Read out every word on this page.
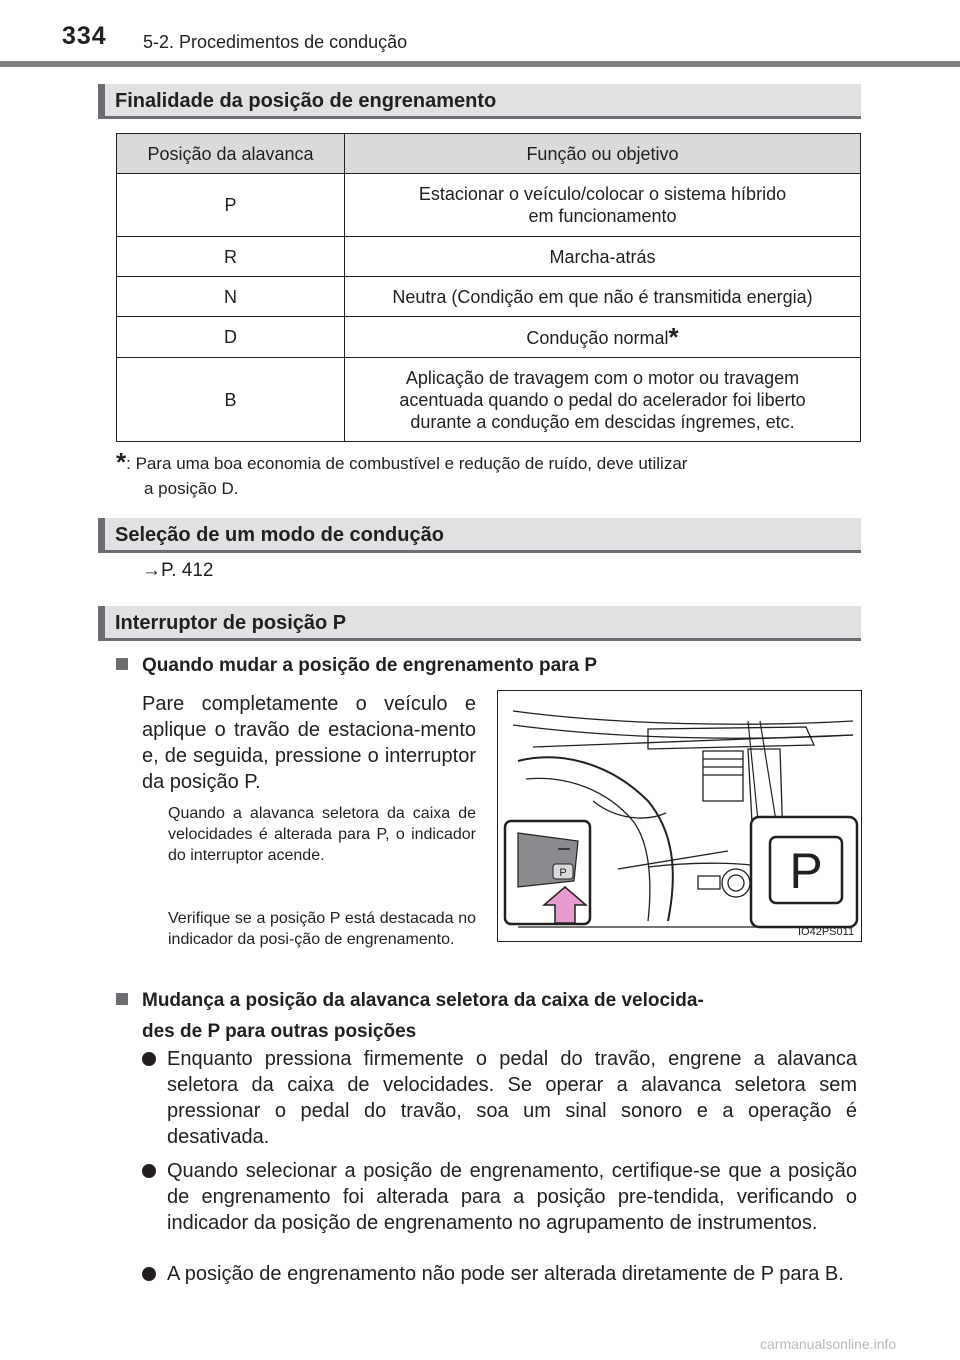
334 5-2. Procedimentos de condução
Finalidade da posição de engrenamento
Posição da alavanca	Função ou objetivo
P	Estacionar o veículo/colocar o sistema híbrido
em funcionamento
R	Marcha-atrás
N	Neutra (Condição em que não é transmitida energia)
D	Condução normal*
B	Aplicação de travagem com o motor ou travagem
acentuada quando o pedal do acelerador foi liberto
durante a condução em descidas íngremes, etc.
*: Para uma boa economia de combustível e redução de ruído, deve utilizar
a posição D.
Seleção de um modo de condução
→P. 412
Interruptor de posição P
Quando mudar a posição de engrenamento para P
Pare completamente o veículo e aplique o travão de estaciona-mento e, de seguida, pressione o interruptor da posição P.
Quando a alavanca seletora da caixa de velocidades é alterada para P, o indicador do interruptor acende.
Verifique se a posição P está destacada no indicador da posi-ção de engrenamento.
P	P
IO42PS011
Mudança a posição da alavanca seletora da caixa de velocida-
des de P para outras posições
Enquanto pressiona firmemente o pedal do travão, engrene a alavanca seletora da caixa de velocidades. Se operar a alavanca seletora sem pressionar o pedal do travão, soa um sinal sonoro e a operação é desativada.
Quando selecionar a posição de engrenamento, certifique-se que a posição de engrenamento foi alterada para a posição pre-tendida, verificando o indicador da posição de engrenamento no agrupamento de instrumentos.
A posição de engrenamento não pode ser alterada diretamente de P para B.
carmanualsonline.info
